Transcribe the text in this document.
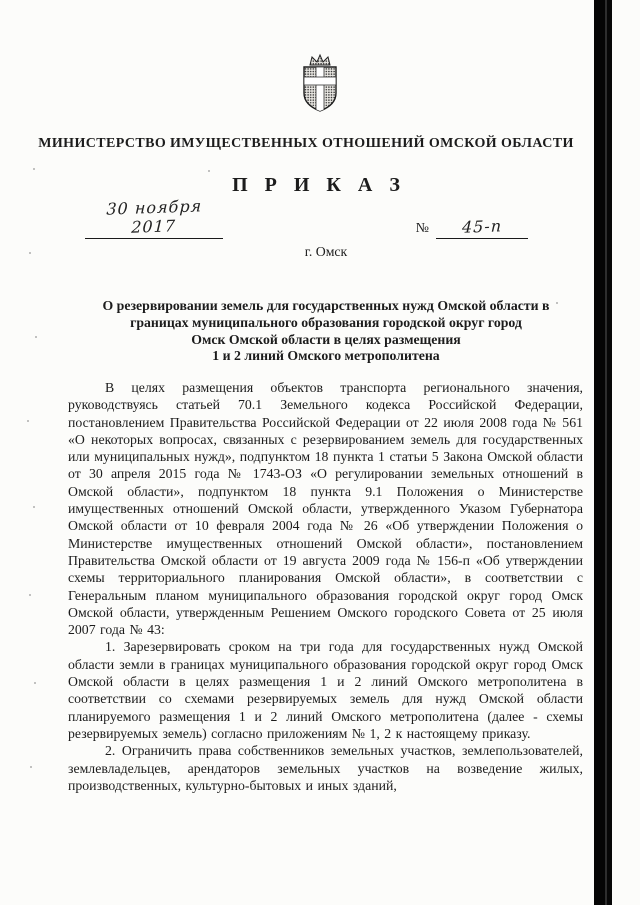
МИНИСТЕРСТВО ИМУЩЕСТВЕННЫХ ОТНОШЕНИЙ ОМСКОЙ ОБЛАСТИ
П Р И К А З
30 ноября 2017	№	45-п
г. Омск
О резервировании земель для государственных нужд Омской области в
границах муниципального образования городской округ город
Омск Омской области в целях размещения
1 и 2 линий Омского метрополитена

В целях размещения объектов транспорта регионального значения, руководствуясь статьей 70.1 Земельного кодекса Российской Федерации, постановлением Правительства Российской Федерации от 22 июля 2008 года № 561 «О некоторых вопросах, связанных с резервированием земель для государственных или муниципальных нужд», подпунктом 18 пункта 1 статьи 5 Закона Омской области от 30 апреля 2015 года № 1743-ОЗ «О регулировании земельных отношений в Омской области», подпунктом 18 пункта 9.1 Положения о Министерстве имущественных отношений Омской области, утвержденного Указом Губернатора Омской области от 10 февраля 2004 года № 26 «Об утверждении Положения о Министерстве имущественных отношений Омской области», постановлением Правительства Омской области от 19 августа 2009 года № 156-п «Об утверждении схемы территориального планирования Омской области», в соответствии с Генеральным планом муниципального образования городской округ город Омск Омской области, утвержденным Решением Омского городского Совета от 25 июля 2007 года № 43:

1. Зарезервировать сроком на три года для государственных нужд Омской области земли в границах муниципального образования городской округ город Омск Омской области в целях размещения 1 и 2 линий Омского метрополитена в соответствии со схемами резервируемых земель для нужд Омской области планируемого размещения 1 и 2 линий Омского метрополитена (далее - схемы резервируемых земель) согласно приложениям № 1, 2 к настоящему приказу.

2. Ограничить права собственников земельных участков, землепользователей, землевладельцев, арендаторов земельных участков на возведение жилых, производственных, культурно-бытовых и иных зданий,
